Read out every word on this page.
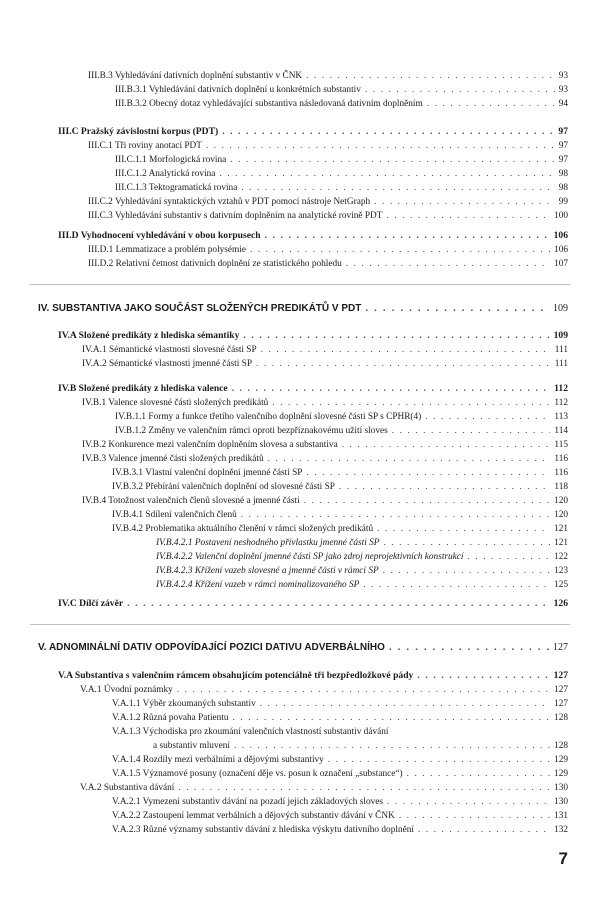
III.B.3 Vyhledávání dativních doplnění substantiv v ČNK . . .	93
III.B.3.1 Vyhledávání dativních doplnění u konkrétních substantiv . . .	93
III.B.3.2 Obecný dotaz vyhledávající substantiva následovaná dativním doplněním . . .	94
III.C Pražský závislostní korpus (PDT) . . .	97
III.C.1 Tři roviny anotací PDT . . .	97
III.C.1.1 Morfologická rovina . . .	97
III.C.1.2 Analytická rovina . . .	98
III.C.1.3 Tektogramatická rovina . . .	98
III.C.2 Vyhledávání syntaktických vztahů v PDT pomocí nástroje NetGraph . . .	99
III.C.3 Vyhledávání substantiv s dativním doplněním na analytické rovině PDT . . .	100
III.D Vyhodnocení vyhledávání v obou korpusech . . .	106
III.D.1 Lemmatizace a problém polysémie . . .	106
III.D.2 Relativní četnost dativních doplnění ze statistického pohledu . . .	107
IV. SUBSTANTIVA JAKO SOUČÁST SLOŽENÝCH PREDIKÁTŮ V PDT . . .	109
IV.A Složené predikáty z hlediska sémantiky . . .	109
IV.A.1 Sémantické vlastnosti slovesné části SP . . .	111
IV.A.2 Sémantické vlastnosti jmenné části SP . . .	111
IV.B Složené predikáty z hlediska valence . . .	112
IV.B.1 Valence slovesné části složených predikátů . . .	112
IV.B.1.1 Formy a funkce třetího valenčního doplnění slovesné části SP s CPHR(4) . . .	113
IV.B.1.2 Změny ve valenčním rámci oproti bezpříznakovému užití sloves . . .	114
IV.B.2 Konkurence mezi valenčním doplněním slovesa a substantiva . . .	115
IV.B.3 Valence jmenné části složených predikátů . . .	116
IV.B.3.1 Vlastní valenční doplnění jmenné části SP . . .	116
IV.B.3.2 Přebírání valenčních doplnění od slovesné části SP . . .	118
IV.B.4 Totožnost valenčních členů slovesné a jmenné části . . .	120
IV.B.4.1 Sdílení valenčních členů . . .	120
IV.B.4.2 Problematika aktuálního členění v rámci složených predikátů . . .	121
IV.B.4.2.1 Postavení neshodného přívlastku jmenné části SP . . .	121
IV.B.4.2.2 Valenční doplnění jmenné části SP jako zdroj neprojektivních konstrukcí . . .	122
IV.B.4.2.3 Křížení vazeb slovesné a jmenné části v rámci SP . . .	123
IV.B.4.2.4 Křížení vazeb v rámci nominalizovaného SP . . .	125
IV.C Dílčí závěr . . .	126
V. ADNOMINÁLNÍ DATIV ODPOVÍDAJÍCÍ POZICI DATIVU ADVERBÁLNÍHO . . .	127
V.A Substantiva s valenčním rámcem obsahujícím potenciálně tři bezpředložkové pády . . .	127
V.A.1 Úvodní poznámky . . .	127
V.A.1.1 Výběr zkoumaných substantiv . . .	127
V.A.1.2 Různá povaha Patientu . . .	128
V.A.1.3 Východiska pro zkoumání valenčních vlastností substantiv dávání
a substantiv mluvení . . .	128
V.A.1.4 Rozdíly mezi verbálními a dějovými substantivy . . .	129
V.A.1.5 Významové posuny (označení děje vs. posun k označení „substance“) . . .	129
V.A.2 Substantiva dávání . . .	130
V.A.2.1 Vymezení substantiv dávání na pozadí jejich základových sloves . . .	130
V.A.2.2 Zastoupení lemmat verbálních a dějových substantiv dávání v ČNK . . .	131
V.A.2.3 Různé významy substantiv dávání z hlediska výskytu dativního doplnění . . .	132
7
